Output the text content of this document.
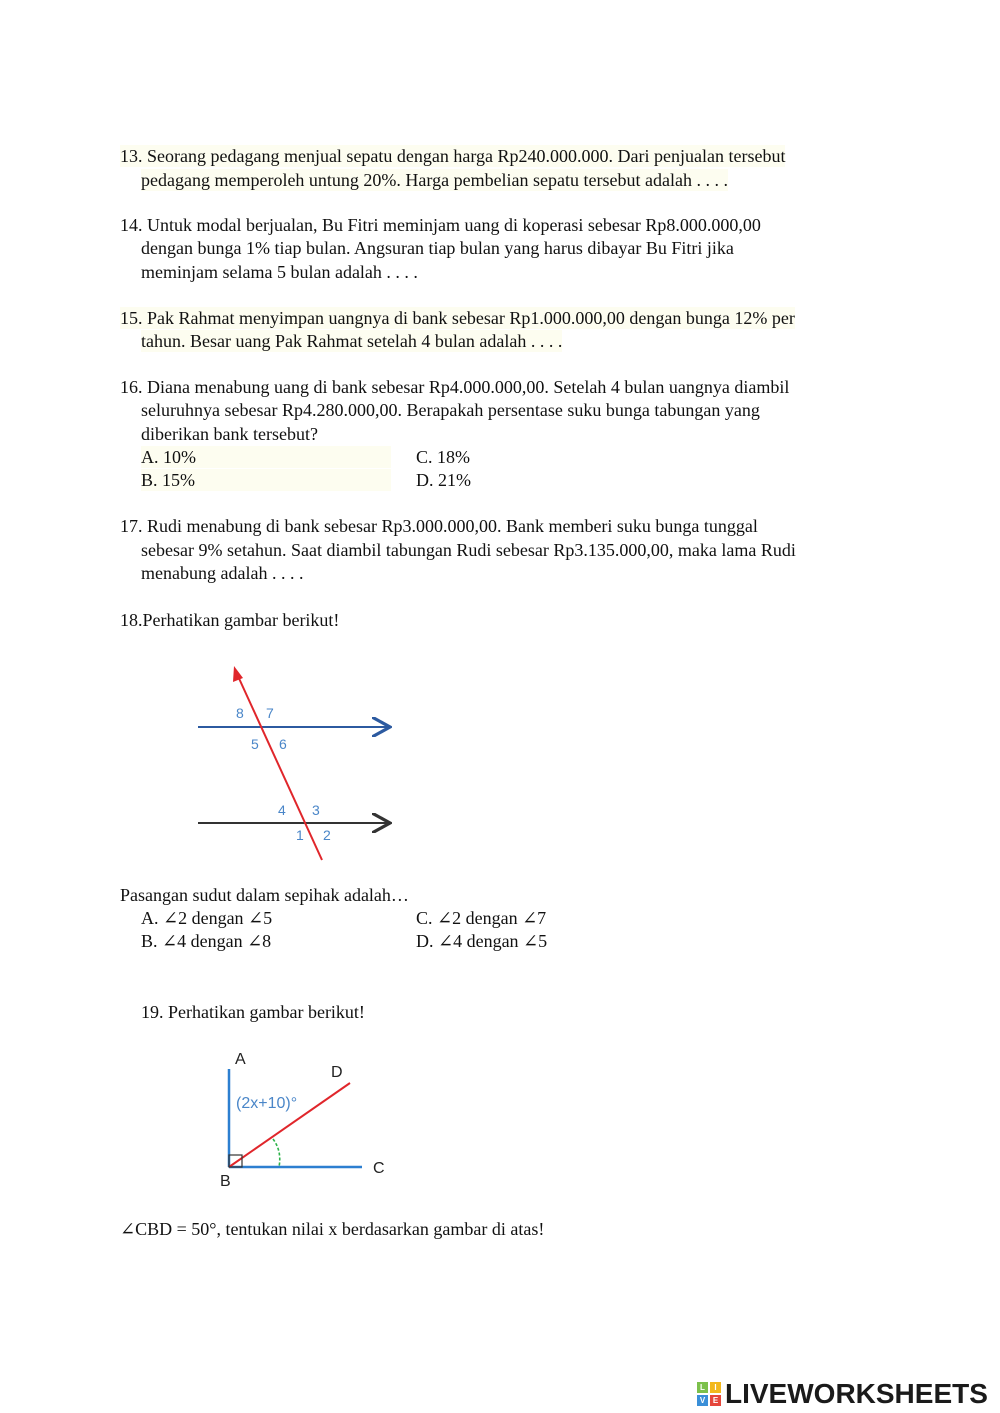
13. Seorang pedagang menjual sepatu dengan harga Rp240.000.000. Dari penjualan tersebut
pedagang memperoleh untung 20%. Harga pembelian sepatu tersebut adalah . . . .
14. Untuk modal berjualan, Bu Fitri meminjam uang di koperasi sebesar Rp8.000.000,00
dengan bunga 1% tiap bulan. Angsuran tiap bulan yang harus dibayar Bu Fitri jika
meminjam selama 5 bulan adalah . . . .
15. Pak Rahmat menyimpan uangnya di bank sebesar Rp1.000.000,00 dengan bunga 12% per
tahun. Besar uang Pak Rahmat setelah 4 bulan adalah . . . .
16. Diana menabung uang di bank sebesar Rp4.000.000,00. Setelah 4 bulan uangnya diambil
seluruhnya sebesar Rp4.280.000,00. Berapakah persentase suku bunga tabungan yang
diberikan bank tersebut?
A. 10%	C. 18%
B. 15%	D. 21%
17. Rudi menabung di bank sebesar Rp3.000.000,00. Bank memberi suku bunga tunggal
sebesar 9% setahun. Saat diambil tabungan Rudi sebesar Rp3.135.000,00, maka lama Rudi
menabung adalah . . . .
18.Perhatikan gambar berikut!
8 7
5 6
4 3
1 2
Pasangan sudut dalam sepihak adalah…
A. ∠2 dengan ∠5	C. ∠2 dengan ∠7
B. ∠4 dengan ∠8	D. ∠4 dengan ∠5
19. Perhatikan gambar berikut!
A
D
B
C
(2x+10)°
∠CBD = 50°, tentukan nilai x berdasarkan gambar di atas!
L	I
V E LIVEWORKSHEETS
